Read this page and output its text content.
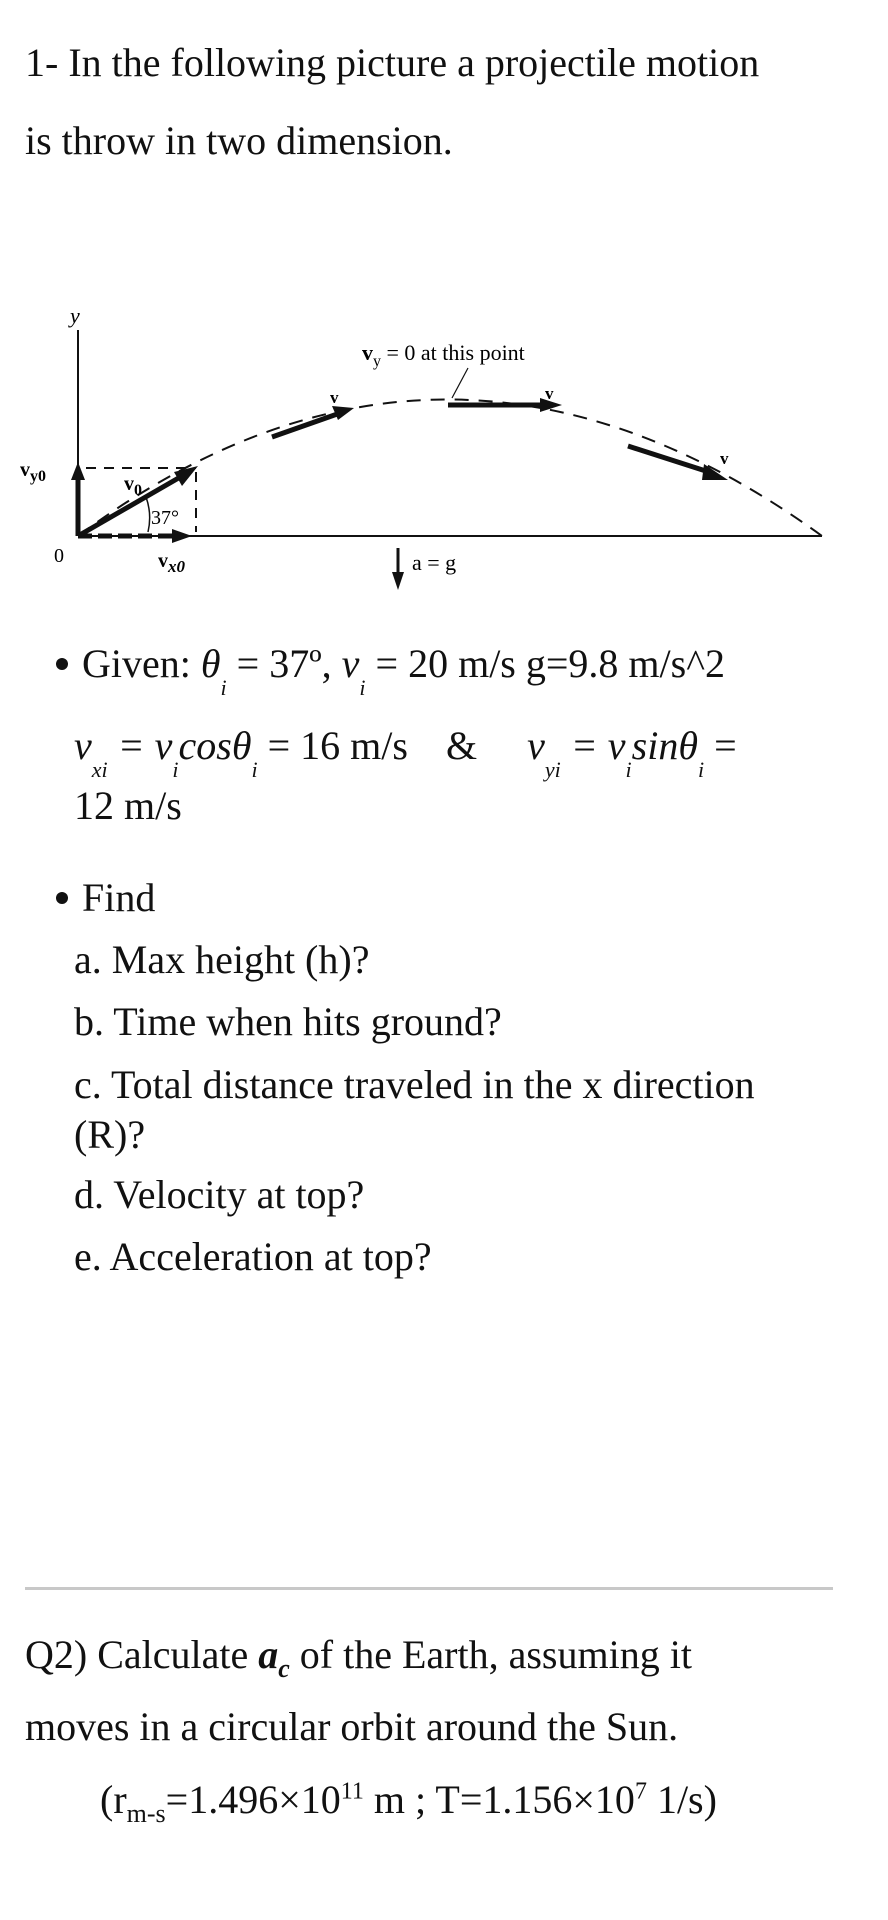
1- In the following picture a projectile motion
is throw in two dimension.
y
0
$v_{y0}$
$v_{x0}$
$v_0$
37°
v	v
v
$v_y = 0$ at this point
a = g
Given: $\theta_i$ = 37º, $v_i = 20$ m/s g=9.8 m/s^2
$v_{xi} = v_i\cos\theta_i = 16$ m/s & $v_{yi} = v_i\sin\theta_i$ =
12 m/s
Find
a. Max height (h)?
b. Time when hits ground?
c. Total distance traveled in the x direction
(R)?
d. Velocity at top?
e. Acceleration at top?
Q2) Calculate $a_c$ of the Earth, assuming it
moves in a circular orbit around the Sun.
($r_{m-s}=1.496\times 10^{11}$ m ; $T=1.156\times 10^7$ 1/s)
